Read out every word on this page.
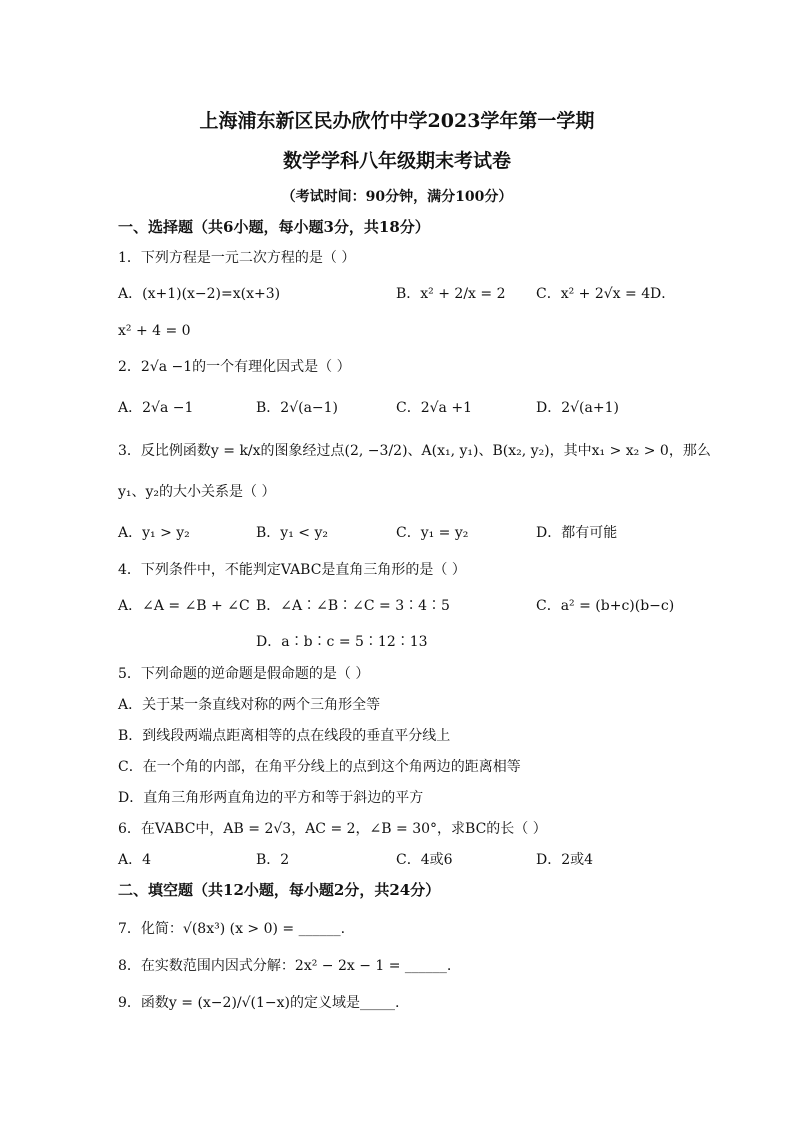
上海浦东新区民办欣竹中学2023学年第一学期
数学学科八年级期末考试卷
（考试时间：90分钟，满分100分）
一、选择题（共6小题，每小题3分，共18分）
1．下列方程是一元二次方程的是（ ）
A．(x+1)(x−2)=x(x+3)	B．x² + 2/x = 2 C．x² + 2√x = 4 D．
x² + 4 = 0
2．2√a −1的一个有理化因式是（ ）
A．2√a −1	B．2√(a−1)	C．2√a +1	D．2√(a+1)
3．反比例函数y = k/x的图象经过点(2, −3/2)、A(x₁, y₁)、B(x₂, y₂)，其中x₁ > x₂ > 0，那么
y₁、y₂的大小关系是（ ）
A．y₁ > y₂	B．y₁ < y₂	C．y₁ = y₂	D．都有可能
4．下列条件中，不能判定VABC是直角三角形的是（ ）
A．∠A = ∠B + ∠C B．∠A∶∠B∶∠C = 3∶4∶5	C．a² = (b+c)(b−c)
D．a∶b∶c = 5∶12∶13
5．下列命题的逆命题是假命题的是（ ）
A．关于某一条直线对称的两个三角形全等
B．到线段两端点距离相等的点在线段的垂直平分线上
C．在一个角的内部，在角平分线上的点到这个角两边的距离相等
D．直角三角形两直角边的平方和等于斜边的平方
6．在VABC中，AB = 2√3，AC = 2，∠B = 30°，求BC的长（ ）
A．4	B．2	C．4或6	D．2或4
二、填空题（共12小题，每小题2分，共24分）
7．化简：√(8x³) (x > 0) = ______.
8．在实数范围内因式分解：2x² − 2x − 1 = ______.
9．函数y = (x−2)/√(1−x)的定义域是_____.
